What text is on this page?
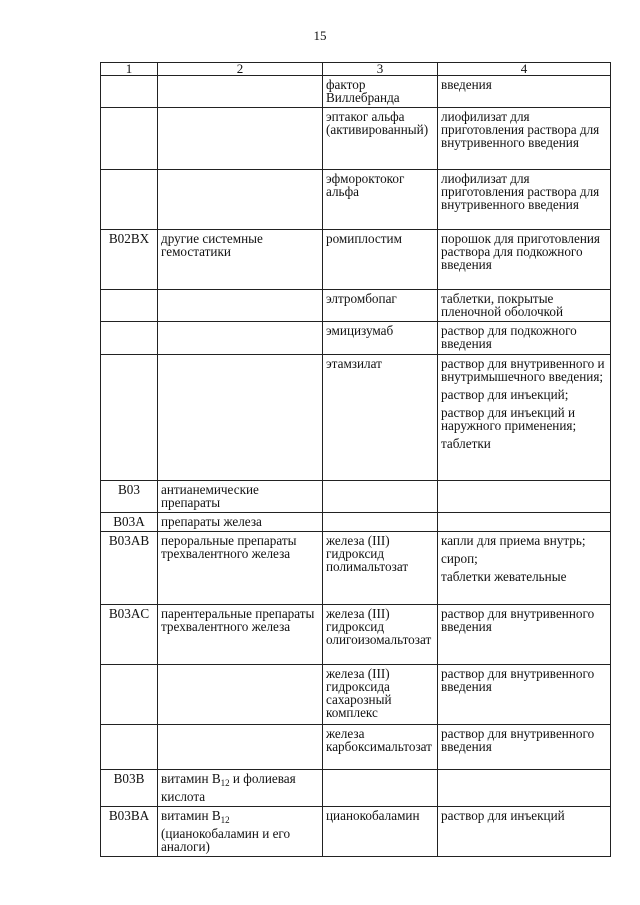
15
1	2	3	4
		фактор Виллебранда	введения
		эптаког альфа (активированный)	лиофилизат для приготовления раствора для внутривенного введения
		эфмороктоког альфа	лиофилизат для приготовления раствора для внутривенного введения
B02BX	другие системные гемостатики	ромиплостим	порошок для приготовления раствора для подкожного введения
		элтромбопаг	таблетки, покрытые пленочной оболочкой
		эмицизумаб	раствор для подкожного введения
		этамзилат	раствор для внутривенного и внутримышечного введения;
раствор для инъекций;
раствор для инъекций и наружного применения;
таблетки

B03	антианемические препараты		
B03A	препараты железа		
B03AB	пероральные препараты трехвалентного железа	железа (III) гидроксид полимальтозат	капли для приема внутрь;
сироп;
таблетки жевательные

B03AC	парентеральные препараты трехвалентного железа	железа (III) гидроксид олигоизомальтозат	раствор для внутривенного введения
		железа (III) гидроксида сахарозный комплекс	раствор для внутривенного введения
		железа карбоксимальтозат	раствор для внутривенного введения
B03B	витамин $B_{12}$ и фолиевая кислота		
B03BA	витамин $B_{12}$ (цианокобаламин и его аналоги)	цианокобаламин	раствор для инъекций
